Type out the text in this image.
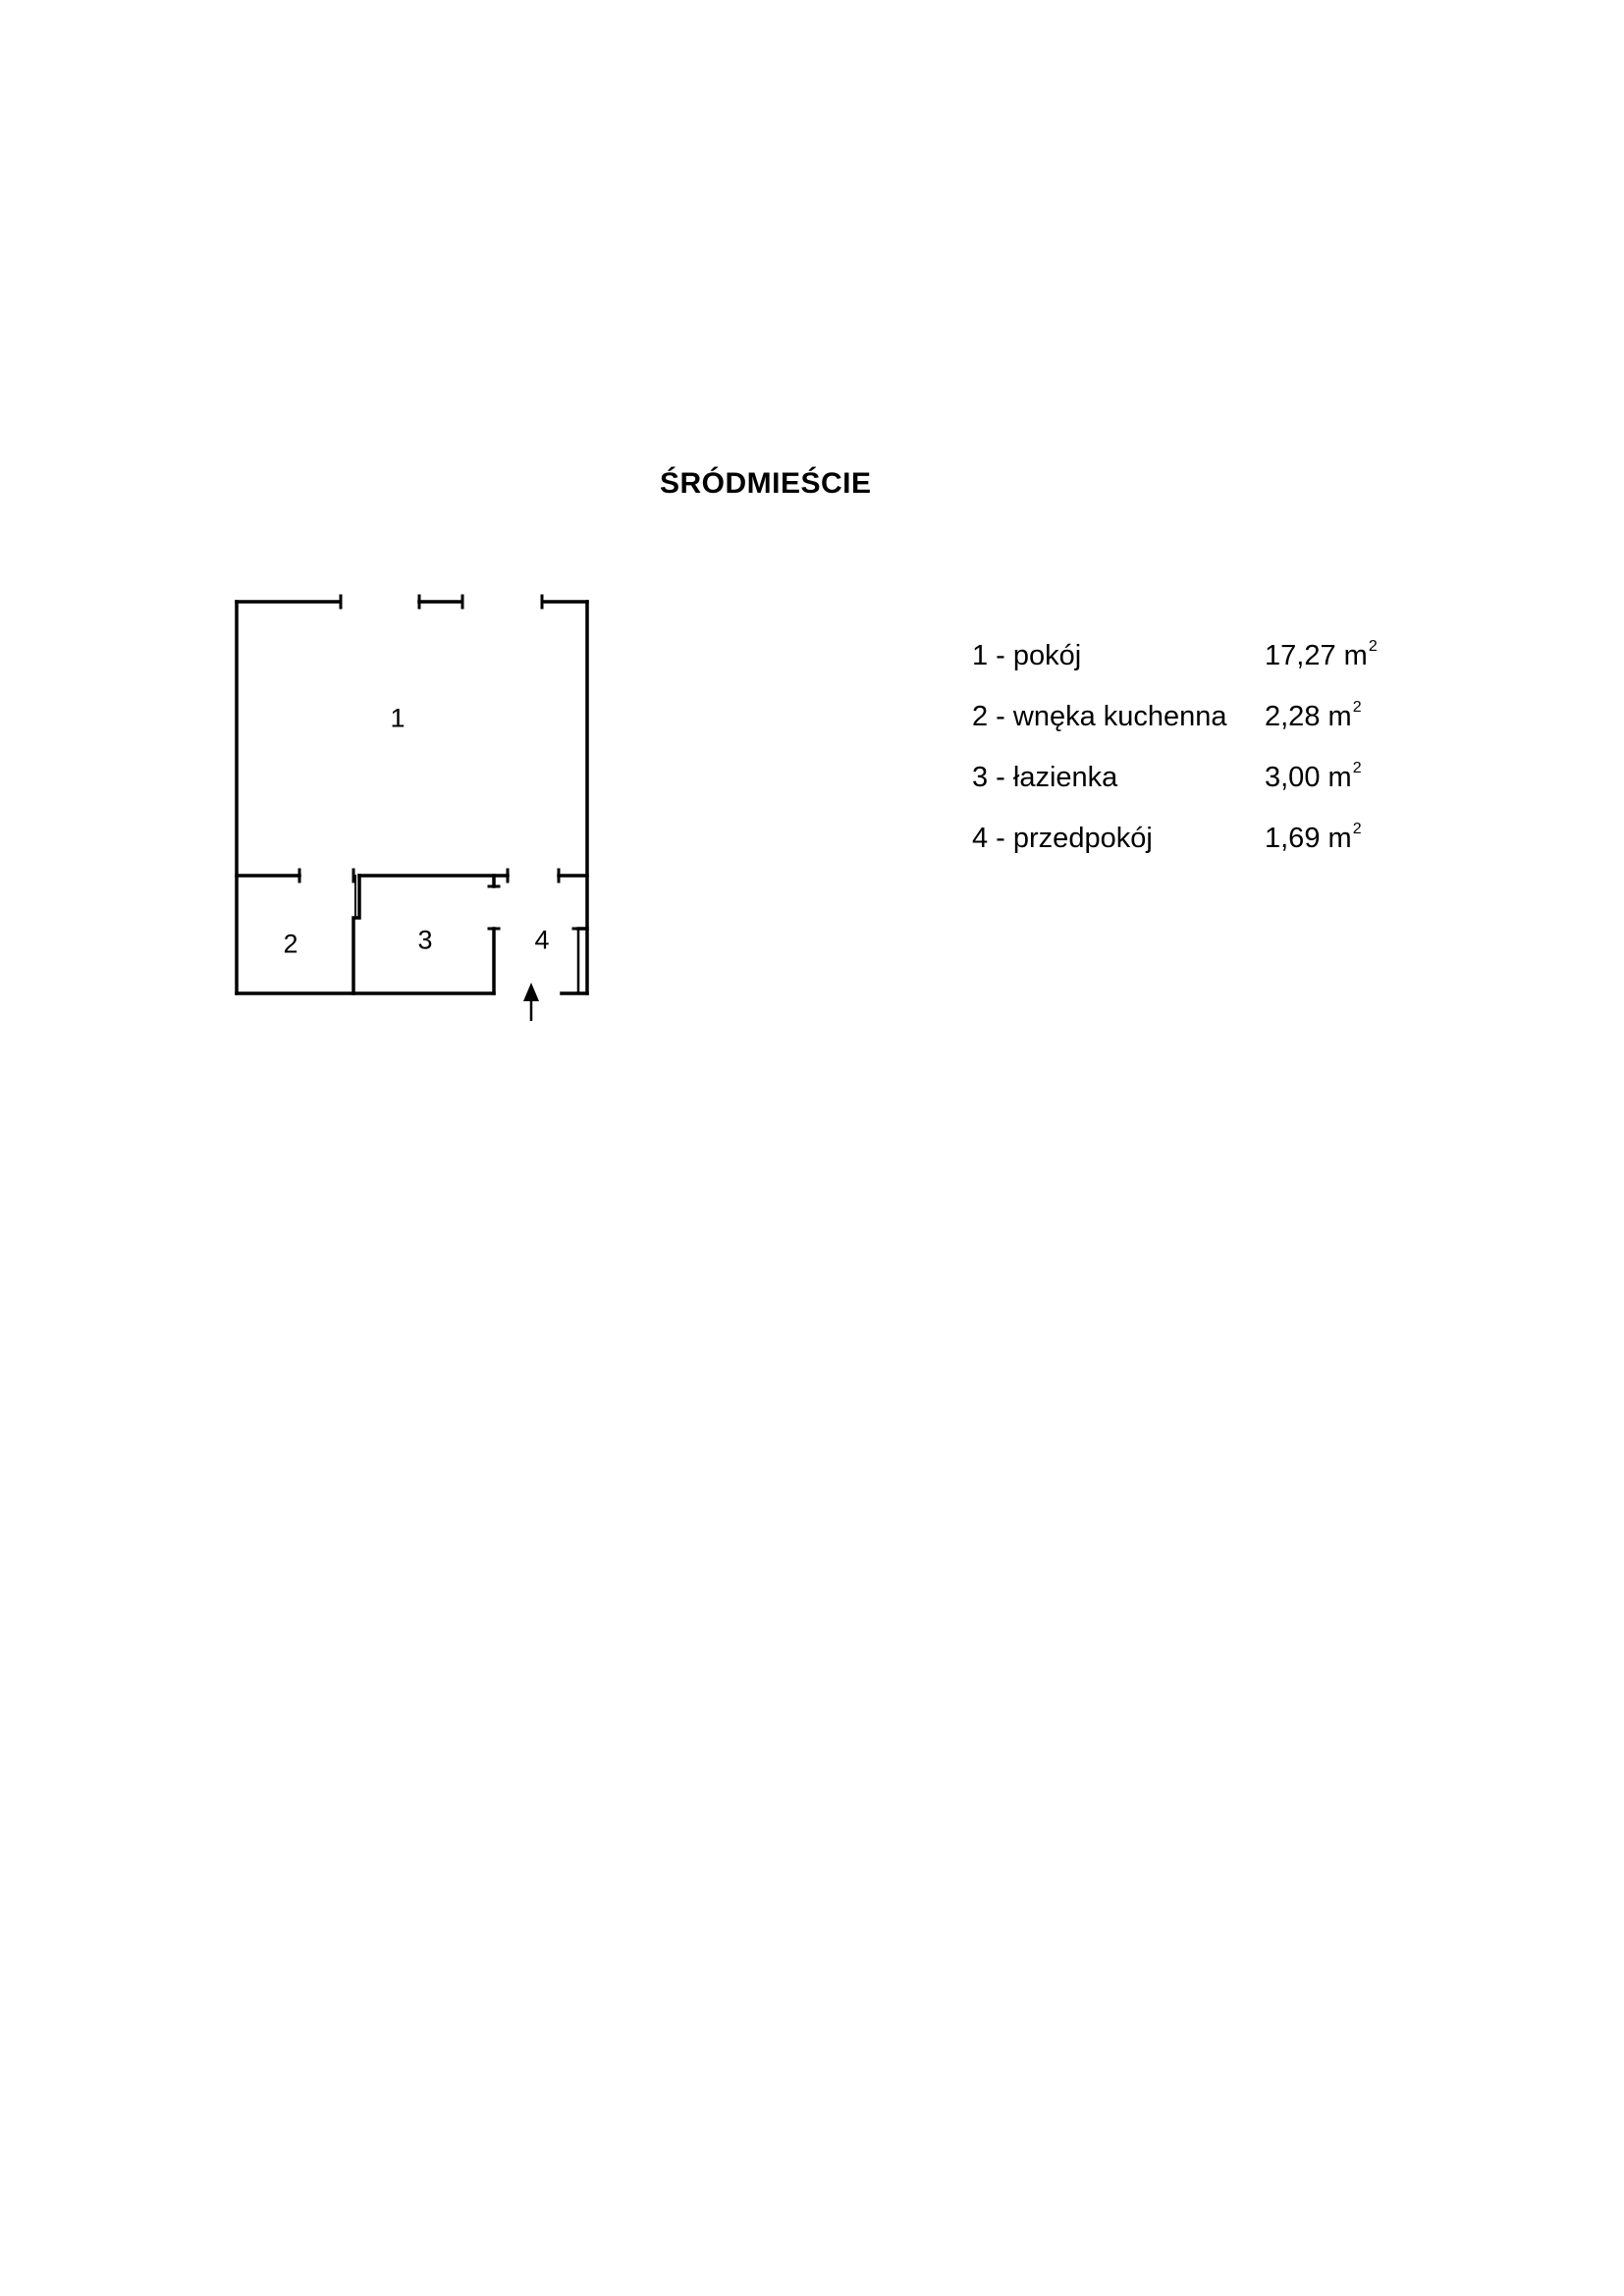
ŚRÓDMIEŚCIE
1
2	3	4
1 - pokój	17,27 $m^2$
2 - wnęka kuchenna 2,28 $m^2$
3 - łazienka	3,00 $m^2$
4 - przedpokój	1,69 $m^2$
